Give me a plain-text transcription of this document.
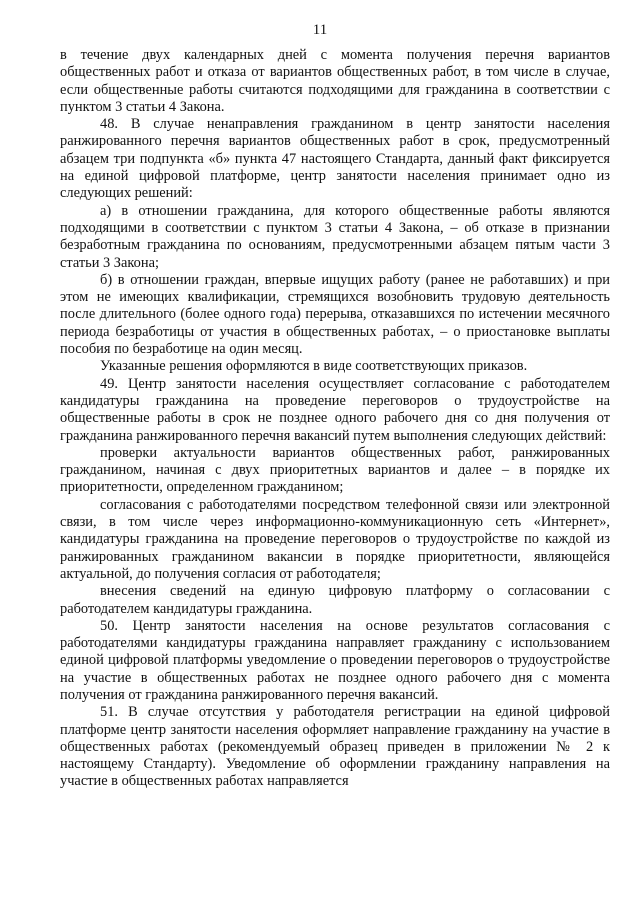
11

в течение двух календарных дней с момента получения перечня вариантов общественных работ и отказа от вариантов общественных работ, в том числе в случае, если общественные работы считаются подходящими для гражданина в соответствии с пунктом 3 статьи 4 Закона.

48. В случае ненаправления гражданином в центр занятости населения ранжированного перечня вариантов общественных работ в срок, предусмотренный абзацем три подпункта «б» пункта 47 настоящего Стандарта, данный факт фиксируется на единой цифровой платформе, центр занятости населения принимает одно из следующих решений:

а) в отношении гражданина, для которого общественные работы являются подходящими в соответствии с пунктом 3 статьи 4 Закона, – об отказе в признании безработным гражданина по основаниям, предусмотренными абзацем пятым части 3 статьи 3 Закона;

б) в отношении граждан, впервые ищущих работу (ранее не работавших) и при этом не имеющих квалификации, стремящихся возобновить трудовую деятельность после длительного (более одного года) перерыва, отказавшихся по истечении месячного периода безработицы от участия в общественных работах, – о приостановке выплаты пособия по безработице на один месяц.

Указанные решения оформляются в виде соответствующих приказов.

49. Центр занятости населения осуществляет согласование с работодателем кандидатуры гражданина на проведение переговоров о трудоустройстве на общественные работы в срок не позднее одного рабочего дня со дня получения от гражданина ранжированного перечня вакансий путем выполнения следующих действий:

проверки актуальности вариантов общественных работ, ранжированных гражданином, начиная с двух приоритетных вариантов и далее – в порядке их приоритетности, определенном гражданином;

согласования с работодателями посредством телефонной связи или электронной связи, в том числе через информационно-коммуникационную сеть «Интернет», кандидатуры гражданина на проведение переговоров о трудоустройстве по каждой из ранжированных гражданином вакансии в порядке приоритетности, являющейся актуальной, до получения согласия от работодателя;

внесения сведений на единую цифровую платформу о согласовании с работодателем кандидатуры гражданина.

50. Центр занятости населения на основе результатов согласования с работодателями кандидатуры гражданина направляет гражданину с использованием единой цифровой платформы уведомление о проведении переговоров о трудоустройстве на участие в общественных работах не позднее одного рабочего дня с момента получения от гражданина ранжированного перечня вакансий.

51. В случае отсутствия у работодателя регистрации на единой цифровой платформе центр занятости населения оформляет направление гражданину на участие в общественных работах (рекомендуемый образец приведен в приложении № 2 к настоящему Стандарту). Уведомление об оформлении гражданину направления на участие в общественных работах направляется
